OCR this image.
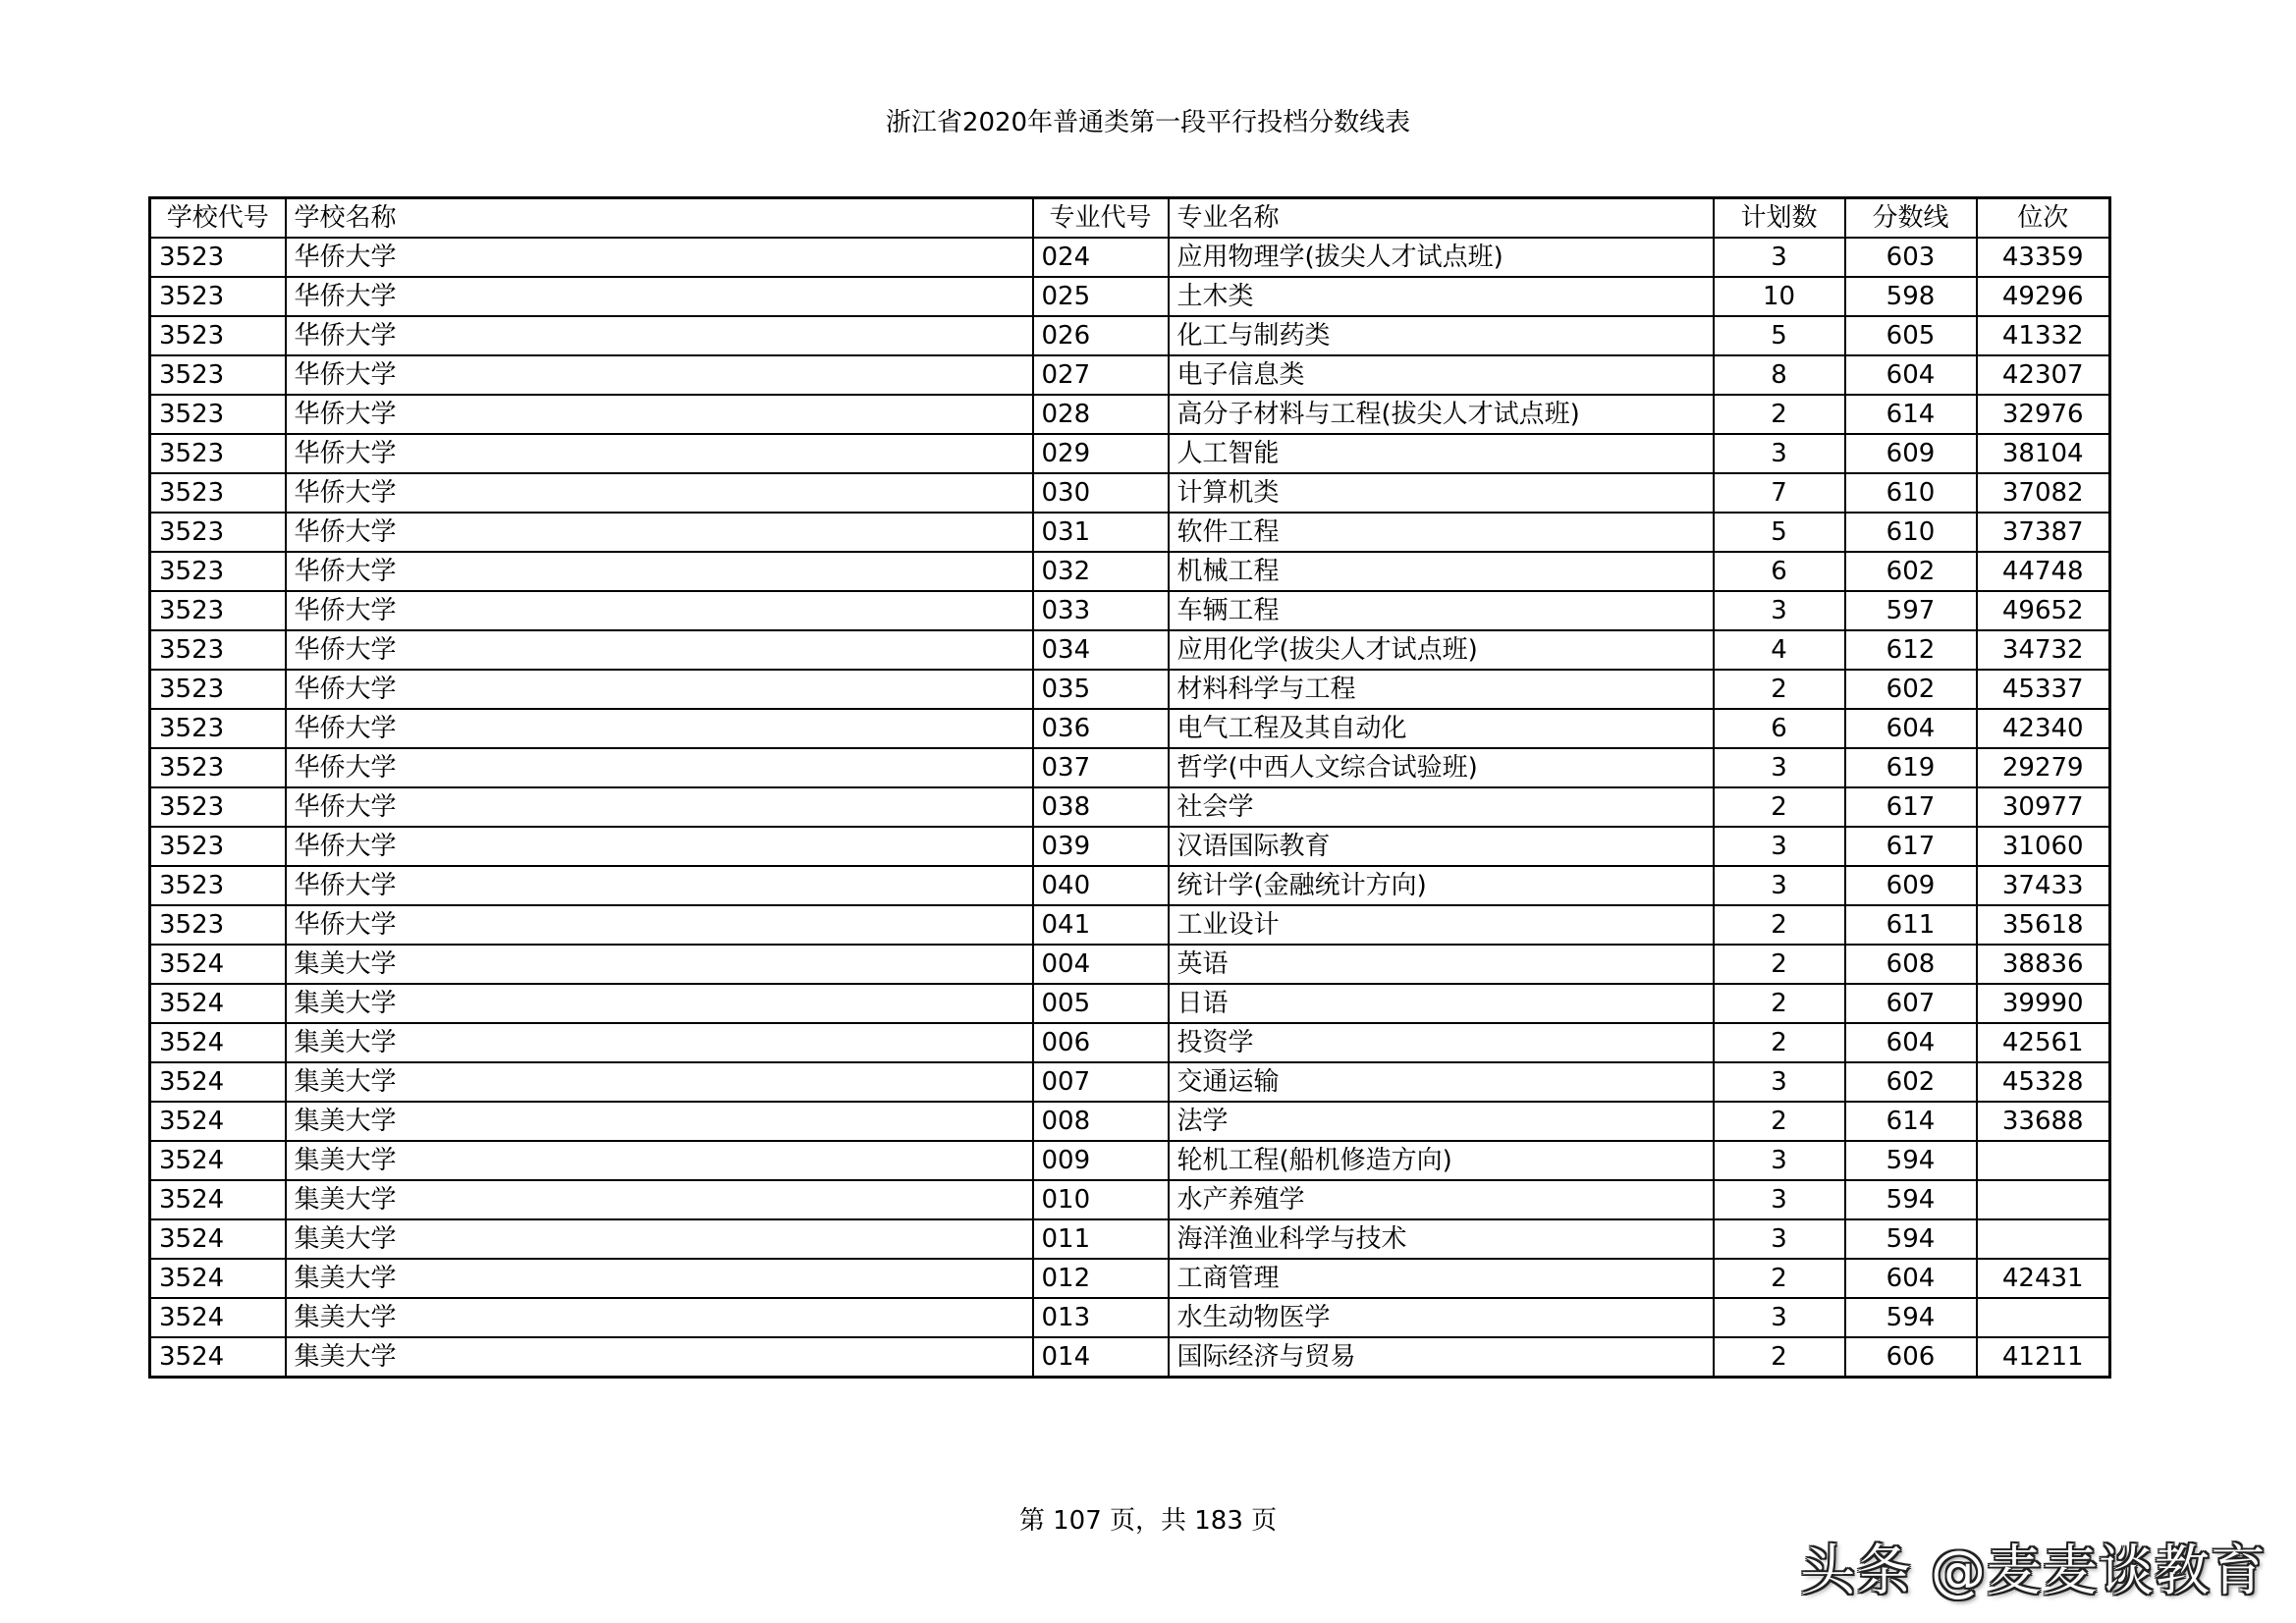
浙江省2020年普通类第一段平行投档分数线表
学校代号	学校名称	专业代号	专业名称	计划数	分数线	位次
3523	华侨大学	024	应用物理学(拔尖人才试点班)	3	603	43359
3523	华侨大学	025	土木类	10	598	49296
3523	华侨大学	026	化工与制药类	5	605	41332
3523	华侨大学	027	电子信息类	8	604	42307
3523	华侨大学	028	高分子材料与工程(拔尖人才试点班)	2	614	32976
3523	华侨大学	029	人工智能	3	609	38104
3523	华侨大学	030	计算机类	7	610	37082
3523	华侨大学	031	软件工程	5	610	37387
3523	华侨大学	032	机械工程	6	602	44748
3523	华侨大学	033	车辆工程	3	597	49652
3523	华侨大学	034	应用化学(拔尖人才试点班)	4	612	34732
3523	华侨大学	035	材料科学与工程	2	602	45337
3523	华侨大学	036	电气工程及其自动化	6	604	42340
3523	华侨大学	037	哲学(中西人文综合试验班)	3	619	29279
3523	华侨大学	038	社会学	2	617	30977
3523	华侨大学	039	汉语国际教育	3	617	31060
3523	华侨大学	040	统计学(金融统计方向)	3	609	37433
3523	华侨大学	041	工业设计	2	611	35618
3524	集美大学	004	英语	2	608	38836
3524	集美大学	005	日语	2	607	39990
3524	集美大学	006	投资学	2	604	42561
3524	集美大学	007	交通运输	3	602	45328
3524	集美大学	008	法学	2	614	33688
3524	集美大学	009	轮机工程(船机修造方向)	3	594	
3524	集美大学	010	水产养殖学	3	594	
3524	集美大学	011	海洋渔业科学与技术	3	594	
3524	集美大学	012	工商管理	2	604	42431
3524	集美大学	013	水生动物医学	3	594	
3524	集美大学	014	国际经济与贸易	2	606	41211
第 107 页，共 183 页
头条 @麦麦谈教育
